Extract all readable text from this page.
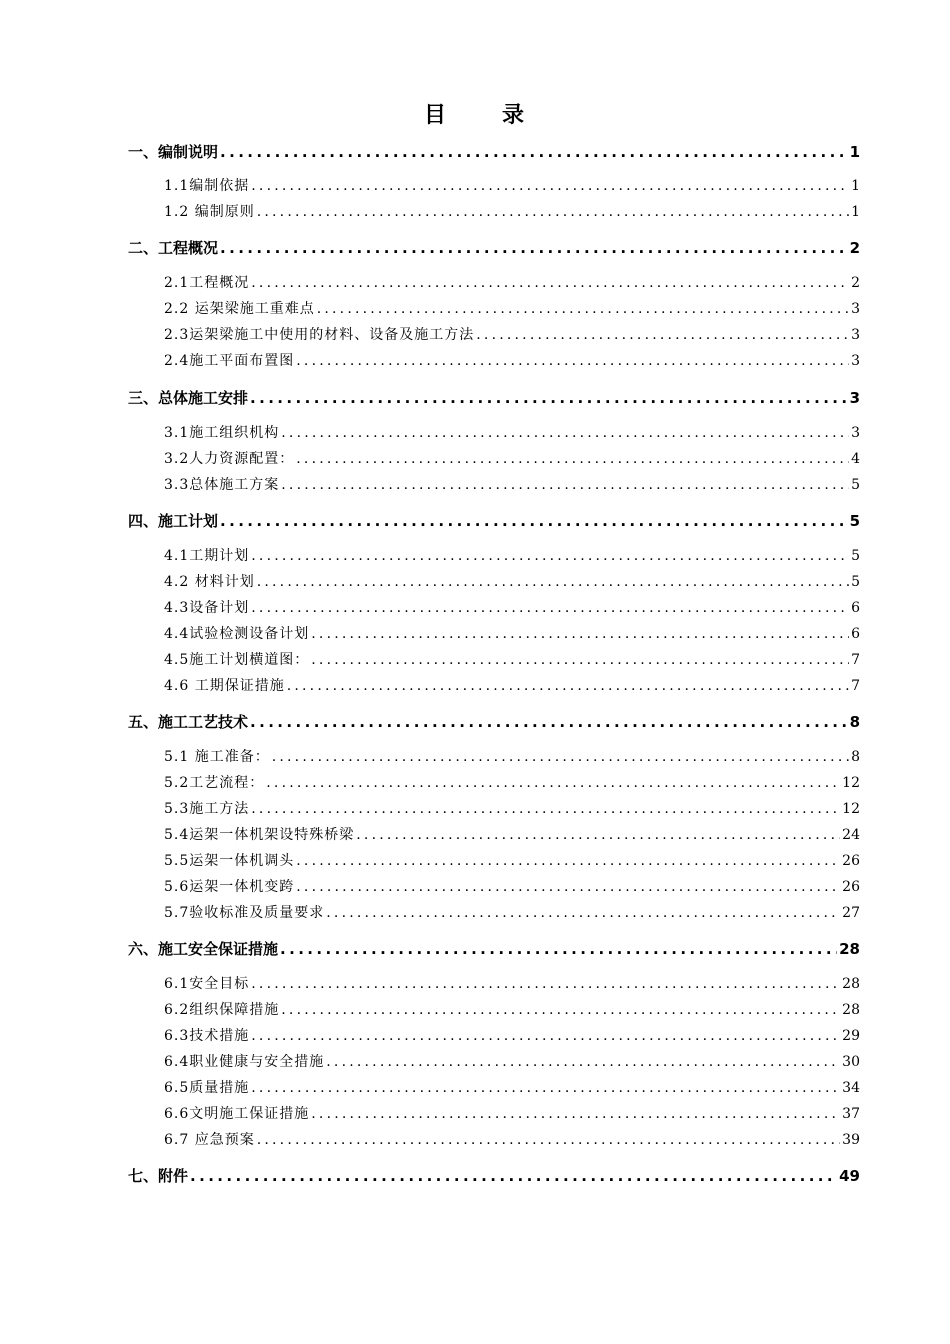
目 录
一、编制说明 .....	1
1.1编制依据 .....	1
1.2 编制原则 .....	1
二、工程概况 .....	2
2.1工程概况 .....	2
2.2 运架梁施工重难点 .....	3
2.3运架梁施工中使用的材料、设备及施工方法 .....	3
2.4施工平面布置图 .....	3
三、总体施工安排 .....	3
3.1施工组织机构 .....	3
3.2人力资源配置： .....	4
3.3总体施工方案 .....	5
四、施工计划 .....	5
4.1工期计划 .....	5
4.2 材料计划 .....	5
4.3设备计划 .....	6
4.4试验检测设备计划 .....	6
4.5施工计划横道图： .....	7
4.6 工期保证措施 .....	7
五、施工工艺技术 .....	8
5.1 施工准备： .....	8
5.2工艺流程： .....	12
5.3施工方法 .....	12
5.4运架一体机架设特殊桥梁 .....	24
5.5运架一体机调头 .....	26
5.6运架一体机变跨 .....	26
5.7验收标准及质量要求 .....	27
六、施工安全保证措施 .....	28
6.1安全目标 .....	28
6.2组织保障措施 .....	28
6.3技术措施 .....	29
6.4职业健康与安全措施 .....	30
6.5质量措施 .....	34
6.6文明施工保证措施 .....	37
6.7 应急预案 .....	39
七、附件 .....	49
